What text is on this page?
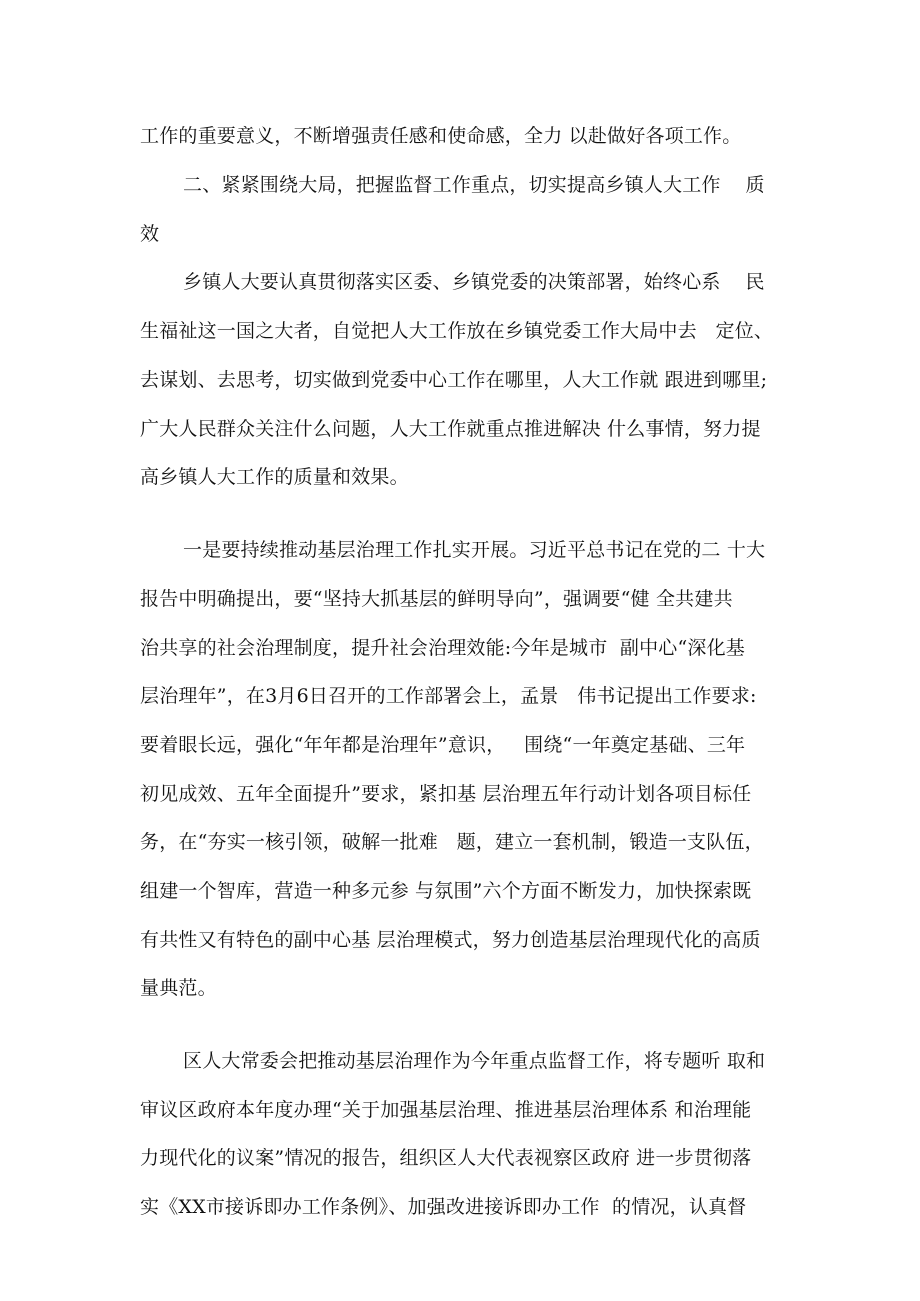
工作的重要意义，不断增强责任感和使命感，全力 以赴做好各项工作。
二、紧紧围绕大局，把握监督工作重点，切实提高乡镇人大工作    质
效
乡镇人大要认真贯彻落实区委、乡镇党委的决策部署，始终心系    民
生福祉这一国之大者，自觉把人大工作放在乡镇党委工作大局中去   定位、
去谋划、去思考，切实做到党委中心工作在哪里，人大工作就 跟进到哪里;
广大人民群众关注什么问题，人大工作就重点推进解决 什么事情，努力提
高乡镇人大工作的质量和效果。
一是要持续推动基层治理工作扎实开展。习近平总书记在党的二 十大
报告中明确提出，要“坚持大抓基层的鲜明导向”，强调要“健 全共建共
治共享的社会治理制度，提升社会治理效能:今年是城市  副中心“深化基
层治理年”，在3月6日召开的工作部署会上，孟景   伟书记提出工作要求:
要着眼长远，强化“年年都是治理年”意识，   围绕“一年奠定基础、三年
初见成效、五年全面提升”要求，紧扣基 层治理五年行动计划各项目标任
务，在“夯实一核引领，破解一批难   题，建立一套机制，锻造一支队伍，
组建一个智库，营造一种多元参 与氛围”六个方面不断发力，加快探索既
有共性又有特色的副中心基 层治理模式，努力创造基层治理现代化的高质
量典范。
区人大常委会把推动基层治理作为今年重点监督工作，将专题听 取和
审议区政府本年度办理“关于加强基层治理、推进基层治理体系 和治理能
力现代化的议案”情况的报告，组织区人大代表视察区政府 进一步贯彻落
实《XX市接诉即办工作条例》、加强改进接诉即办工作  的情况，认真督
